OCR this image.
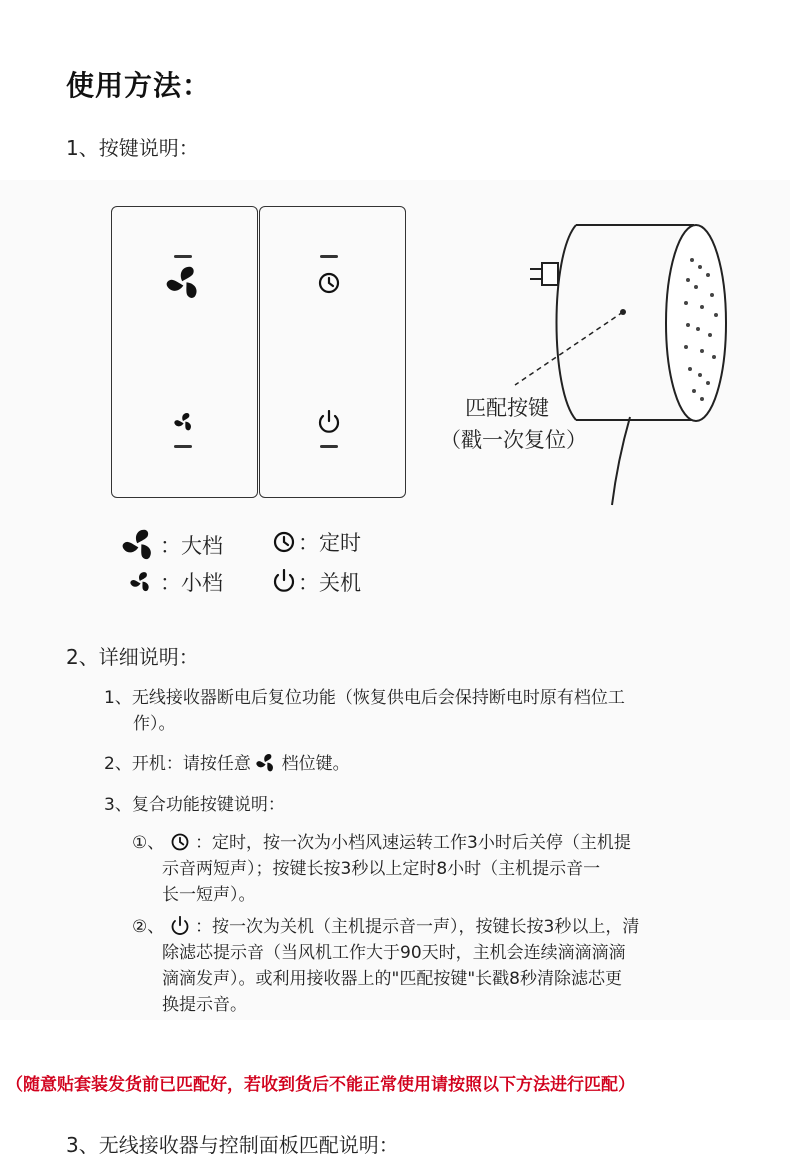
使用方法：
1、按键说明：
匹配按键
（戳一次复位）
：大档	：定时
：小档	：关机
2、详细说明：
1、无线接收器断电后复位功能（恢复供电后会保持断电时原有档位工
作）。
2、开机：请按任意 档位键。
3、复合功能按键说明：
①、 ：定时，按一次为小档风速运转工作3小时后关停（主机提
示音两短声）；按键长按3秒以上定时8小时（主机提示音一
长一短声）。
②、 ：按一次为关机（主机提示音一声），按键长按3秒以上，清
除滤芯提示音（当风机工作大于90天时，主机会连续滴滴滴滴
滴滴发声）。或利用接收器上的"匹配按键"长戳8秒清除滤芯更
换提示音。
（随意贴套装发货前已匹配好，若收到货后不能正常使用请按照以下方法进行匹配）
3、无线接收器与控制面板匹配说明：
